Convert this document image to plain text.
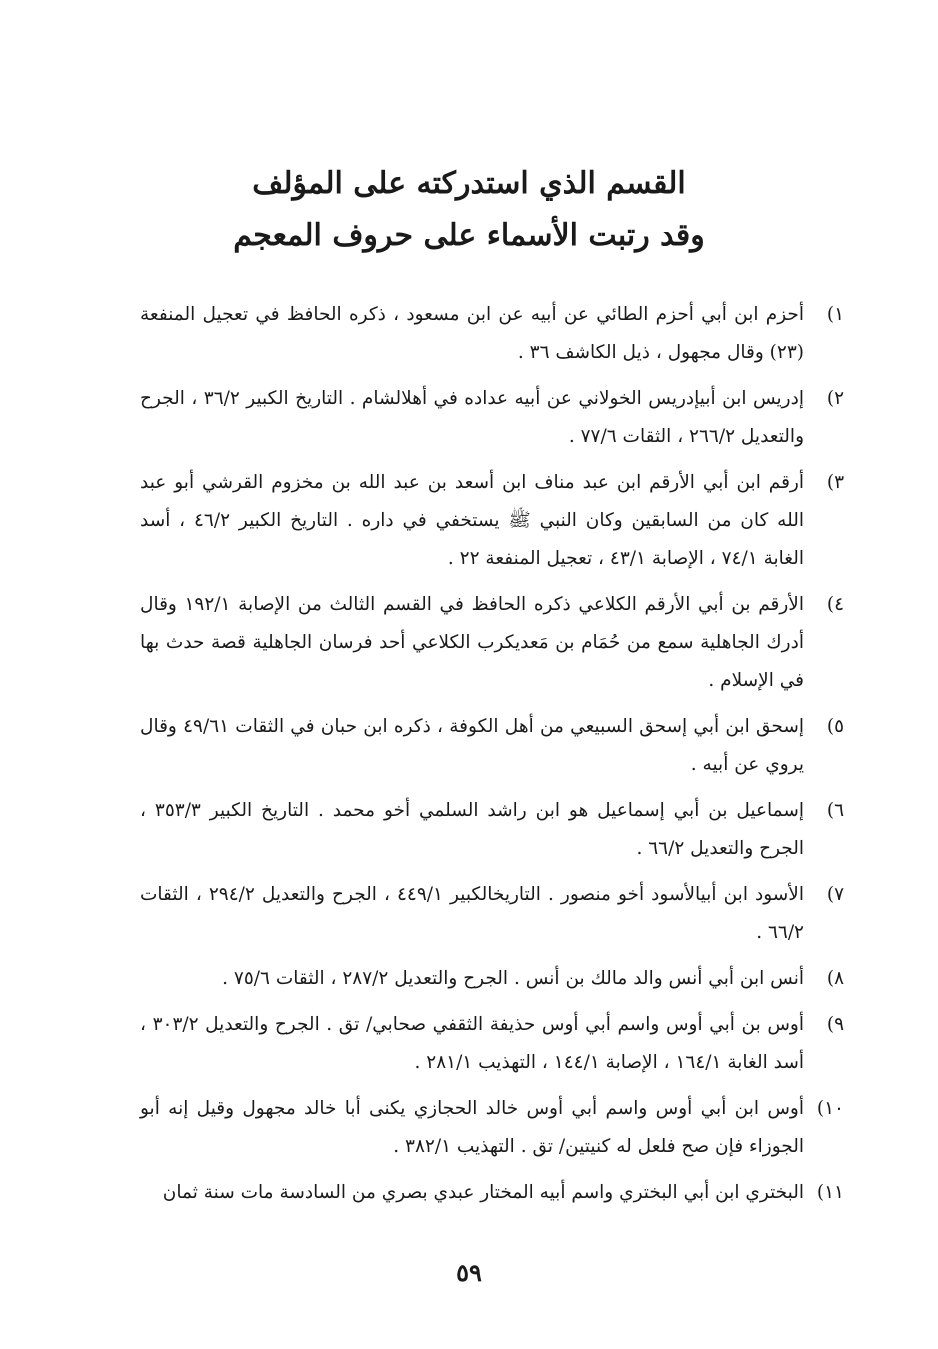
القسم الذي استدركته على المؤلف
وقد رتبت الأسماء على حروف المعجم
١)
أحزم ابن أبي أحزم الطائي عن أبيه عن ابن مسعود ، ذكره الحافظ في تعجيل المنفعة (٢٣) وقال مجهول ، ذيل الكاشف ٣٦ .
٢)
إدريس ابن أبيإدريس الخولاني عن أبيه عداده في أهلالشام . التاريخ الكبير ٣٦/٢ ، الجرح والتعديل ٢٦٦/٢ ، الثقات ٧٧/٦ .
٣)
أرقم ابن أبي الأرقم ابن عبد مناف ابن أسعد بن عبد الله بن مخزوم القرشي أبو عبد الله كان من السابقين وكان النبي ﷺ يستخفي في داره . التاريخ الكبير ٤٦/٢ ، أسد الغابة ٧٤/١ ، الإصابة ٤٣/١ ، تعجيل المنفعة ٢٢ .
٤)
الأرقم بن أبي الأرقم الكلاعي ذكره الحافظ في القسم الثالث من الإصابة ١٩٢/١ وقال أدرك الجاهلية سمع من حُمَام بن مَعديكرب الكلاعي أحد فرسان الجاهلية قصة حدث بها في الإسلام .
٥)
إسحق ابن أبي إسحق السبيعي من أهل الكوفة ، ذكره ابن حبان في الثقات ٤٩/٦١ وقال يروي عن أبيه .
٦)
إسماعيل بن أبي إسماعيل هو ابن راشد السلمي أخو محمد . التاريخ الكبير ٣٥٣/٣ ، الجرح والتعديل ٦٦/٢ .
٧)
الأسود ابن أبيالأسود أخو منصور . التاريخالكبير ٤٤٩/١ ، الجرح والتعديل ٢٩٤/٢ ، الثقات ٦٦/٢ .
٨)
أنس ابن أبي أنس والد مالك بن أنس . الجرح والتعديل ٢٨٧/٢ ، الثقات ٧٥/٦ .
٩)
أوس بن أبي أوس واسم أبي أوس حذيفة الثقفي صحابي/ تق . الجرح والتعديل ٣٠٣/٢ ، أسد الغابة ١٦٤/١ ، الإصابة ١٤٤/١ ، التهذيب ٢٨١/١ .
١٠)
أوس ابن أبي أوس واسم أبي أوس خالد الحجازي يكنى أبا خالد مجهول وقيل إنه أبو الجوزاء فإن صح فلعل له كنيتين/ تق . التهذيب ٣٨٢/١ .
١١)
البختري ابن أبي البختري واسم أبيه المختار عبدي بصري من السادسة مات سنة ثمان
٥٩
